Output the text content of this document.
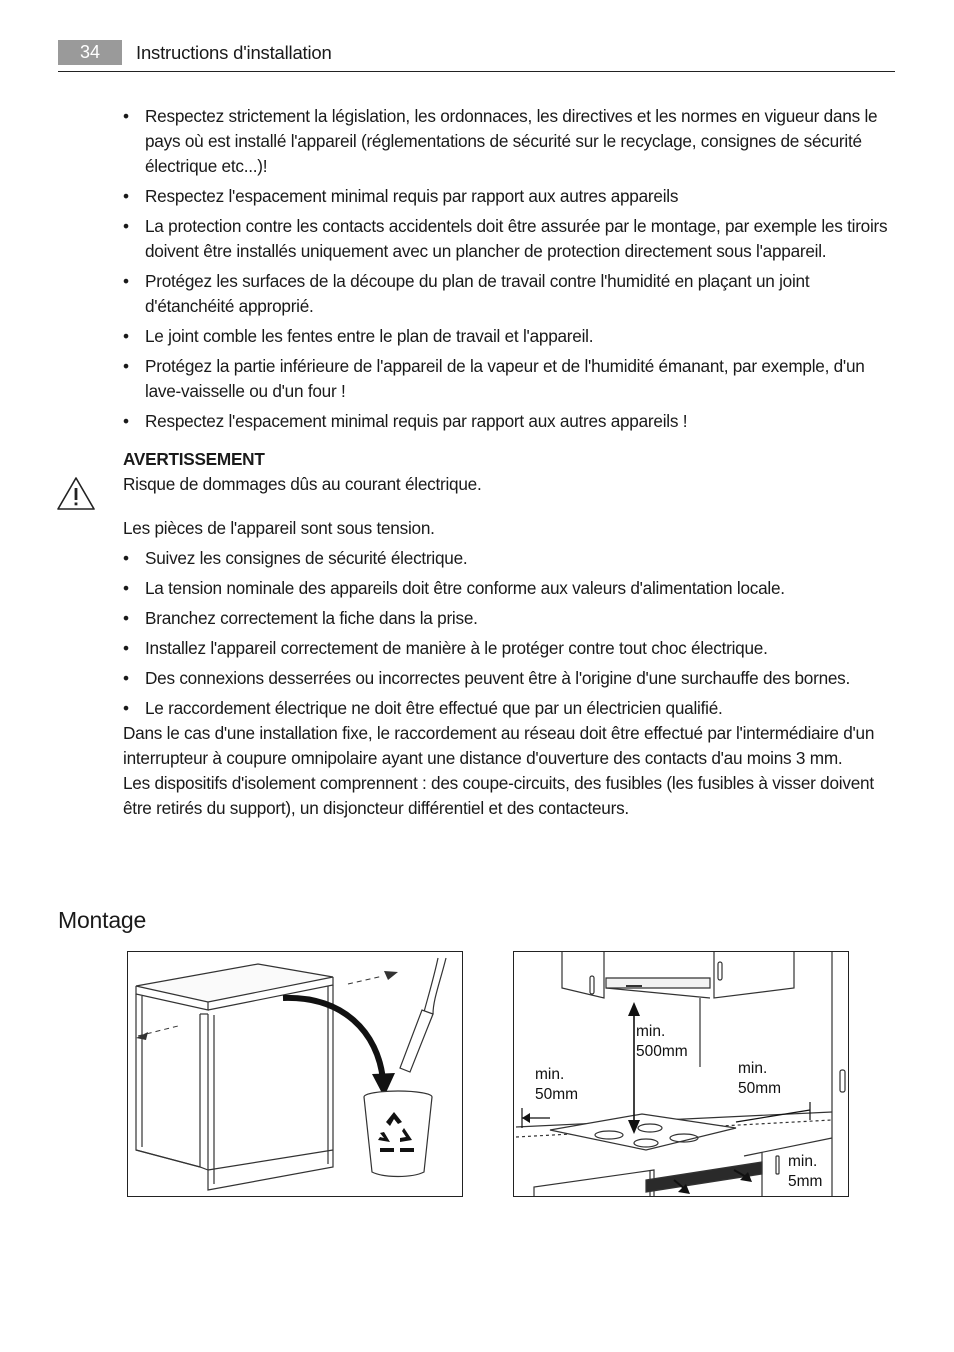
34	Instructions d'installation
• Respectez strictement la législation, les ordonnaces, les directives et les normes en vigueur dans le pays où est installé l'appareil (réglementations de sécurité sur le recyclage, consignes de sécurité électrique etc...)!
• Respectez l'espacement minimal requis par rapport aux autres appareils
• La protection contre les contacts accidentels doit être assurée par le montage, par exemple les tiroirs doivent être installés uniquement avec un plancher de protection directement sous l'appareil.
• Protégez les surfaces de la découpe du plan de travail contre l'humidité en plaçant un joint d'étanchéité approprié.
• Le joint comble les fentes entre le plan de travail et l'appareil.
• Protégez la partie inférieure de l'appareil de la vapeur et de l'humidité émanant, par exemple, d'un lave-vaisselle ou d'un four !
• Respectez l'espacement minimal requis par rapport aux autres appareils !

AVERTISSEMENT

Risque de dommages dûs au courant électrique.

Les pièces de l'appareil sont sous tension.

• Suivez les consignes de sécurité électrique.
• La tension nominale des appareils doit être conforme aux valeurs d'alimentation locale.
• Branchez correctement la fiche dans la prise.
• Installez l'appareil correctement de manière à le protéger contre tout choc électrique.
• Des connexions desserrées ou incorrectes peuvent être à l'origine d'une surchauffe des bornes.
• Le raccordement électrique ne doit être effectué que par un électricien qualifié.

Dans le cas d'une installation fixe, le raccordement au réseau doit être effectué par l'intermédiaire d'un interrupteur à coupure omnipolaire ayant une distance d'ouverture des contacts d'au moins 3 mm.

Les dispositifs d'isolement comprennent : des coupe-circuits, des fusibles (les fusibles à visser doivent être retirés du support), un disjoncteur différentiel et des contacteurs.

Montage
min.
500mm
min.
50mm
min.
50mm
min.
5mm
